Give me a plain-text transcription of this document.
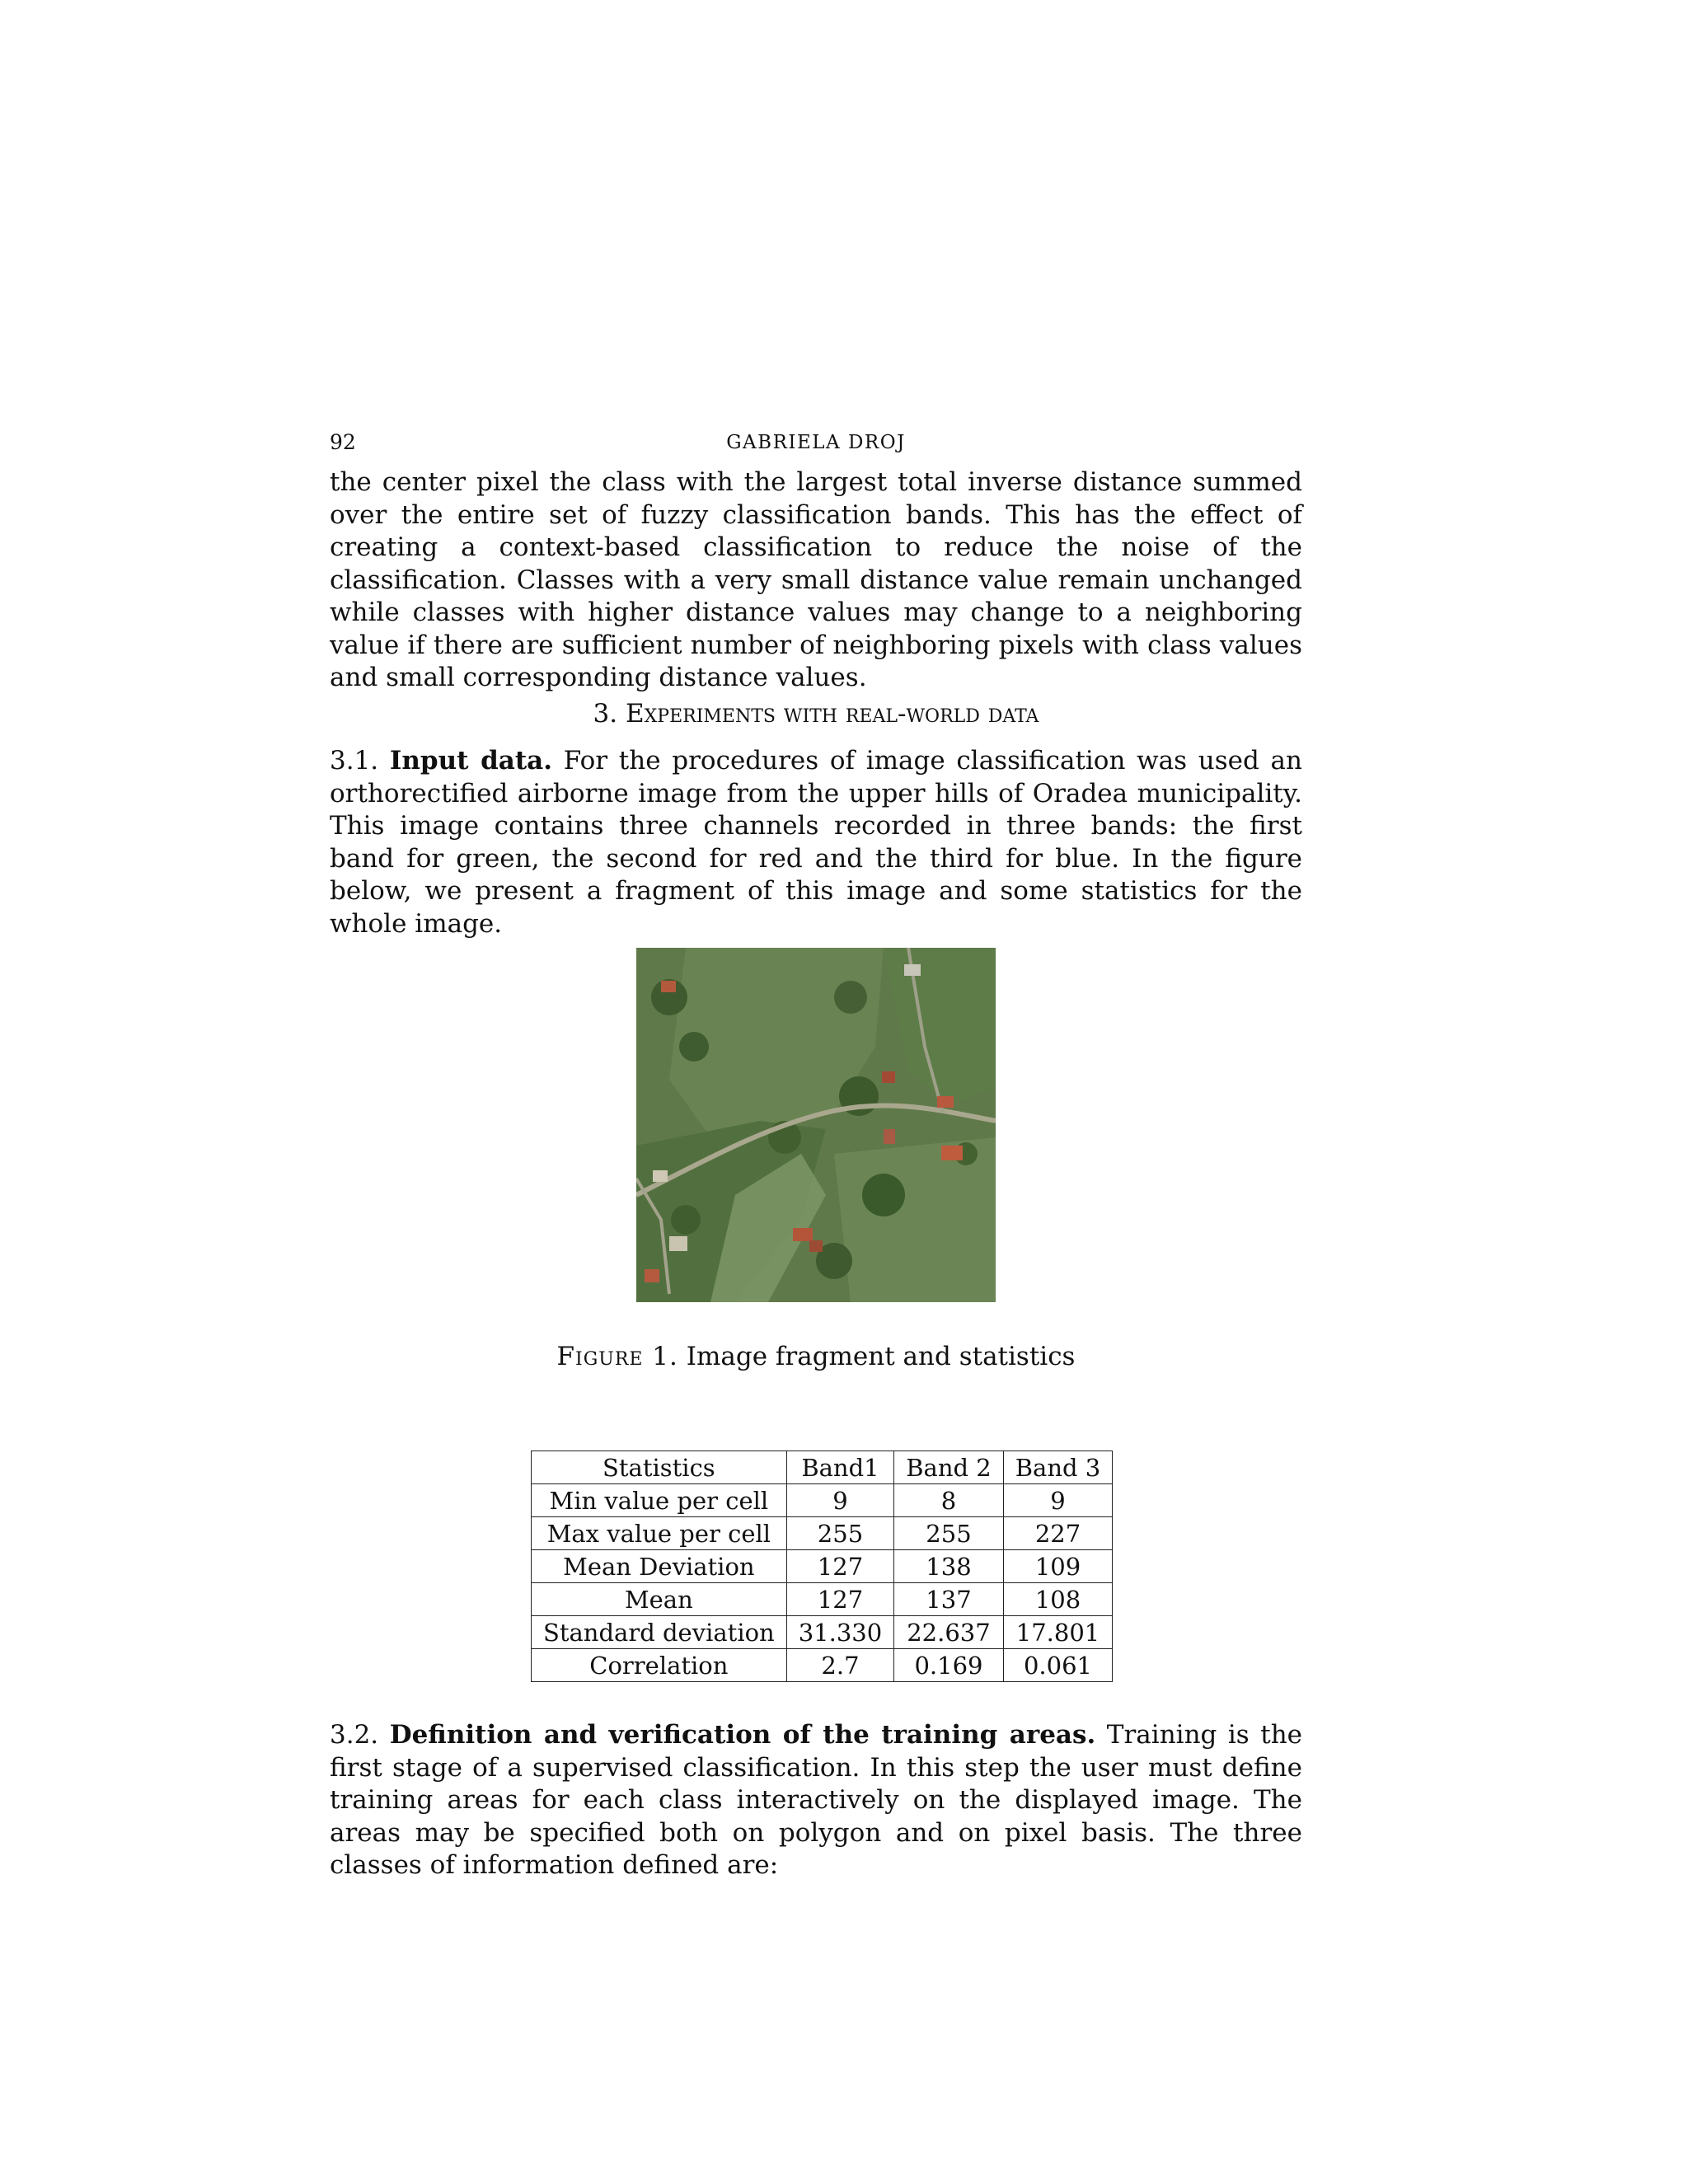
92	GABRIELA DROJ

the center pixel the class with the largest total inverse distance summed over the entire set of fuzzy classification bands. This has the effect of creating a context-based classification to reduce the noise of the classification. Classes with a very small distance value remain unchanged while classes with higher distance values may change to a neighboring value if there are sufficient number of neighboring pixels with class values and small corresponding distance values.

3. Experiments with real-world data

3.1. Input data. For the procedures of image classification was used an orthorectified airborne image from the upper hills of Oradea municipality. This image contains three channels recorded in three bands: the first band for green, the second for red and the third for blue. In the figure below, we present a fragment of this image and some statistics for the whole image.

Figure 1. Image fragment and statistics

Statistics	Band1	Band 2	Band 3
Min value per cell	9	8	9
Max value per cell	255	255	227
Mean Deviation	127	138	109
Mean	127	137	108
Standard deviation	31.330	22.637	17.801
Correlation	2.7	0.169	0.061

3.2. Definition and verification of the training areas. Training is the first stage of a supervised classification. In this step the user must define training areas for each class interactively on the displayed image. The areas may be specified both on polygon and on pixel basis. The three classes of information defined are:
